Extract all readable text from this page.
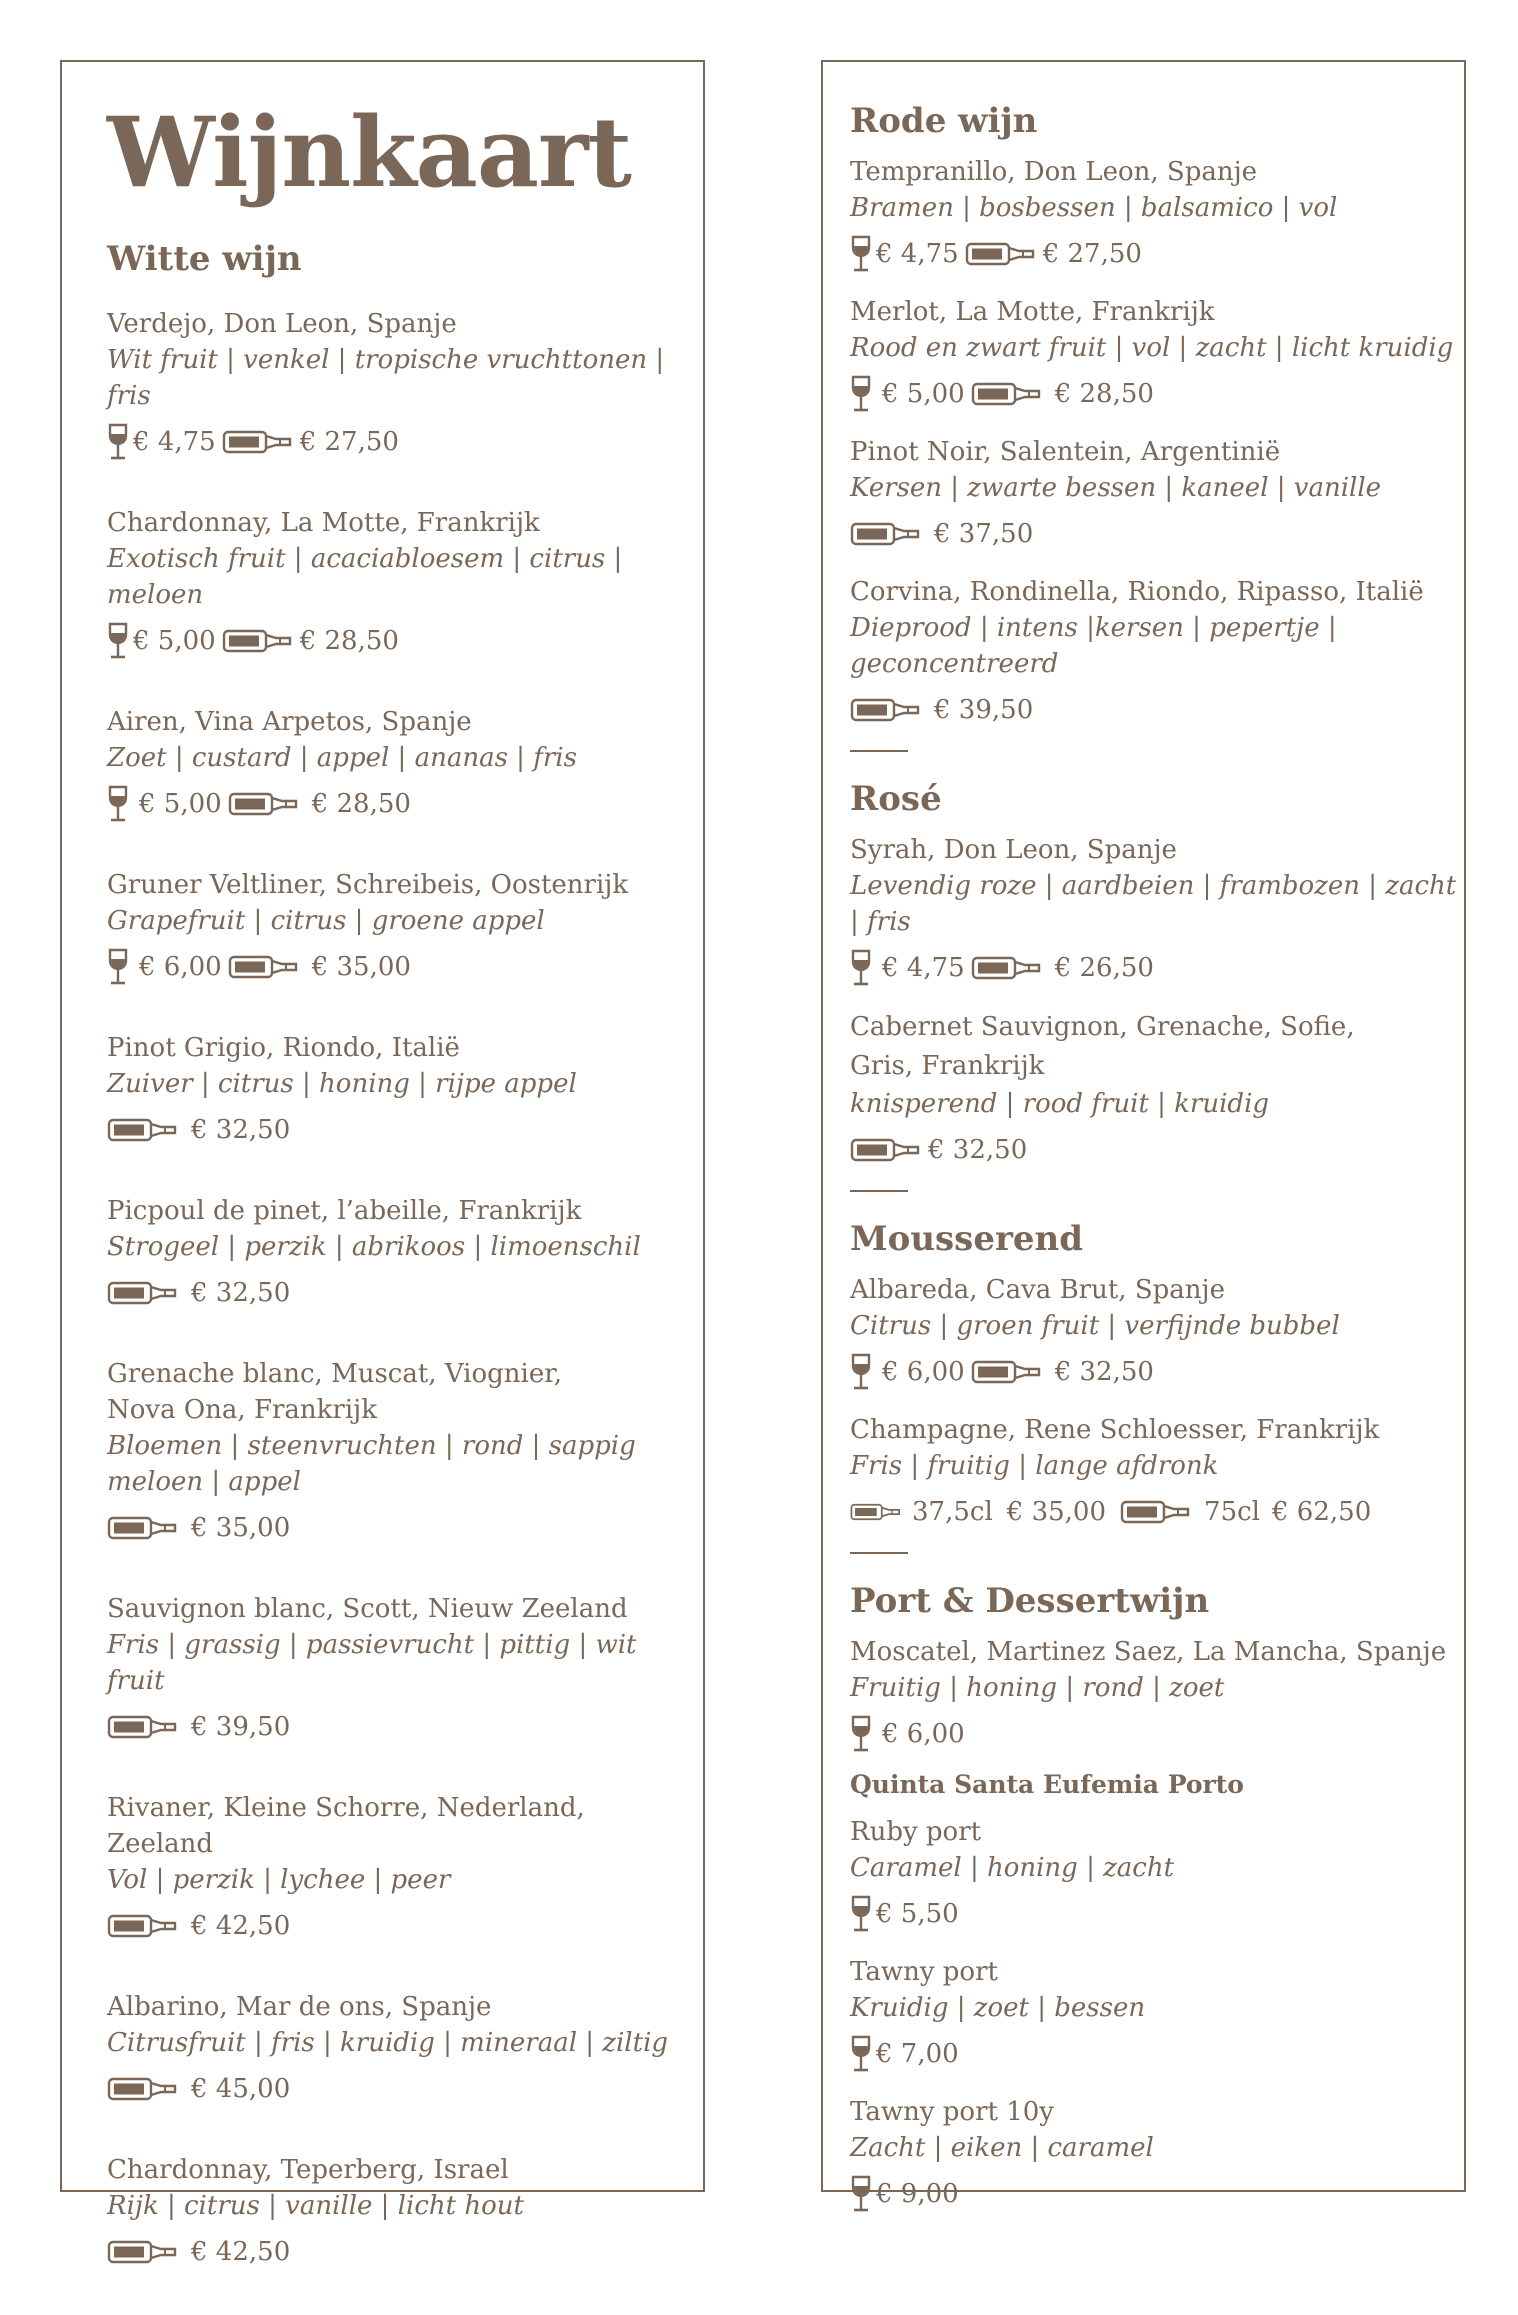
Wijnkaart
Witte wijn
Verdejo, Don Leon, Spanje
Wit fruit | venkel | tropische vruchttonen | fris
€ 4,75	€ 27,50
Chardonnay, La Motte, Frankrijk
Exotisch fruit | acaciabloesem | citrus | meloen
€ 5,00	€ 28,50
Airen, Vina Arpetos, Spanje
Zoet | custard | appel | ananas | fris
€ 5,00	€ 28,50
Gruner Veltliner, Schreibeis, Oostenrijk
Grapefruit | citrus | groene appel
€ 6,00	€ 35,00
Pinot Grigio, Riondo, Italië
Zuiver | citrus | honing | rijpe appel
€ 32,50
Picpoul de pinet, l’abeille, Frankrijk
Strogeel | perzik | abrikoos | limoenschil
€ 32,50
Grenache blanc, Muscat, Viognier,
Nova Ona, Frankrijk
Bloemen | steenvruchten | rond | sappig
meloen | appel
€ 35,00
Sauvignon blanc, Scott, Nieuw Zeeland
Fris | grassig | passievrucht | pittig | wit fruit
€ 39,50
Rivaner, Kleine Schorre, Nederland, Zeeland
Vol | perzik | lychee | peer
€ 42,50
Albarino, Mar de ons, Spanje
Citrusfruit | fris | kruidig | mineraal | ziltig
€ 45,00
Chardonnay, Teperberg, Israel
Rijk | citrus | vanille | licht hout
€ 42,50
Rode wijn
Tempranillo, Don Leon, Spanje
Bramen | bosbessen | balsamico | vol
€ 4,75	€ 27,50
Merlot, La Motte, Frankrijk
Rood en zwart fruit | vol | zacht | licht kruidig
€ 5,00	€ 28,50
Pinot Noir, Salentein, Argentinië
Kersen | zwarte bessen | kaneel | vanille
€ 37,50
Corvina, Rondinella, Riondo, Ripasso, Italië
Dieprood | intens |kersen | pepertje | geconcentreerd
€ 39,50
Rosé
Syrah, Don Leon, Spanje
Levendig roze | aardbeien | frambozen | zacht | fris
€ 4,75	€ 26,50
Cabernet Sauvignon, Grenache, Sofie,
Gris, Frankrijk
knisperend | rood fruit | kruidig
€ 32,50
Mousserend
Albareda, Cava Brut, Spanje
Citrus | groen fruit | verfijnde bubbel
€ 6,00	€ 32,50
Champagne, Rene Schloesser, Frankrijk
Fris | fruitig | lange afdronk
37,5cl € 35,00	75cl € 62,50
Port & Dessertwijn
Moscatel, Martinez Saez, La Mancha, Spanje
Fruitig | honing | rond | zoet
€ 6,00
Quinta Santa Eufemia Porto
Ruby port
Caramel | honing | zacht
€ 5,50
Tawny port
Kruidig | zoet | bessen
€ 7,00
Tawny port 10y
Zacht | eiken | caramel
€ 9,00
